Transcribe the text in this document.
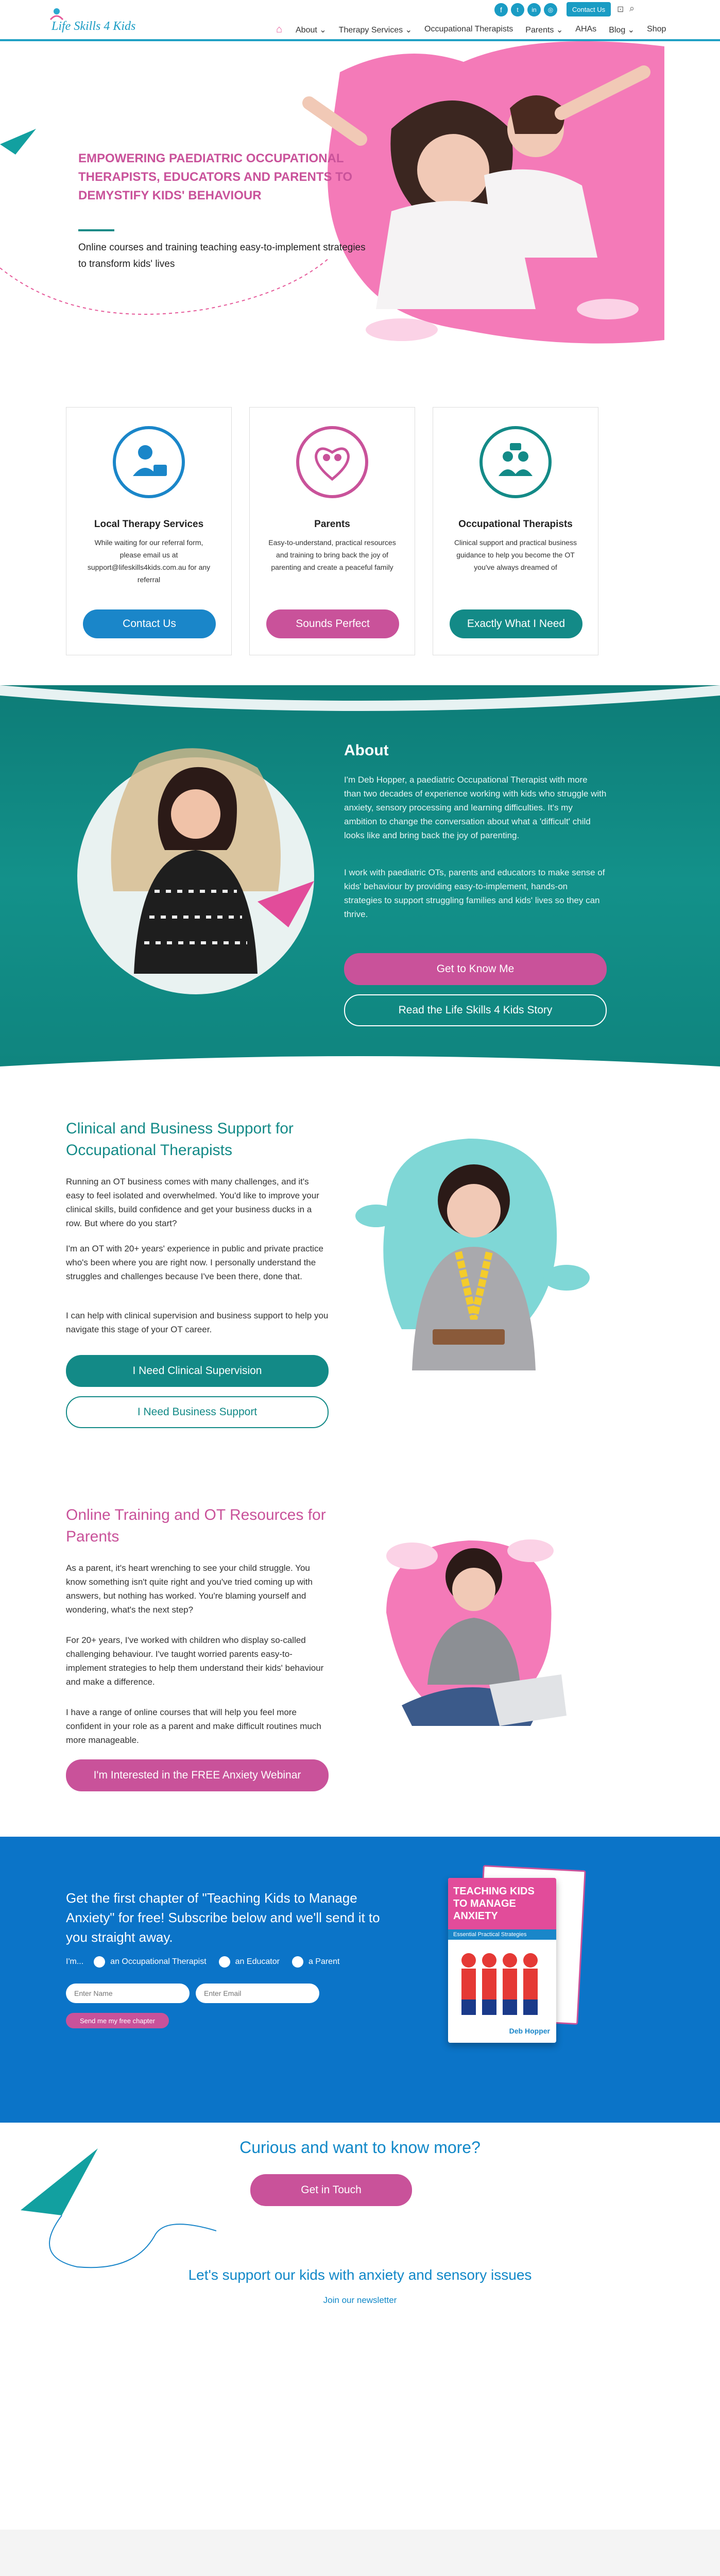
Life Skills 4 Kids
f	t	in	◎	Contact Us	⊡ ⌕
⌂ About ⌄ Therapy Services ⌄ Occupational Therapists Parents ⌄ AHAs Blog ⌄ Shop
EMPOWERING PAEDIATRIC OCCUPATIONAL THERAPISTS, EDUCATORS AND PARENTS TO DEMYSTIFY KIDS' BEHAVIOUR
Online courses and training teaching easy-to-implement strategies to transform kids' lives
Local Therapy Services

While waiting for our referral form, please email us at support@lifeskills4kids.com.au for any referral

Contact Us
Parents

Easy-to-understand, practical resources and training to bring back the joy of parenting and create a peaceful family

Sounds Perfect
Occupational Therapists

Clinical support and practical business guidance to help you become the OT you've always dreamed of

Exactly What I Need
About
I'm Deb Hopper, a paediatric Occupational Therapist with more than two decades of experience working with kids who struggle with anxiety, sensory processing and learning difficulties. It's my ambition to change the conversation about what a 'difficult' child looks like and bring back the joy of parenting.
I work with paediatric OTs, parents and educators to make sense of kids' behaviour by providing easy-to-implement, hands-on strategies to support struggling families and kids' lives so they can thrive.
Get to Know Me
Read the Life Skills 4 Kids Story
Clinical and Business Support for Occupational Therapists
Running an OT business comes with many challenges, and it's easy to feel isolated and overwhelmed. You'd like to improve your clinical skills, build confidence and get your business ducks in a row. But where do you start?
I'm an OT with 20+ years' experience in public and private practice who's been where you are right now. I personally understand the struggles and challenges because I've been there, done that.
I can help with clinical supervision and business support to help you navigate this stage of your OT career.
I Need Clinical Supervision
I Need Business Support
Online Training and OT Resources for Parents
As a parent, it's heart wrenching to see your child struggle. You know something isn't quite right and you've tried coming up with answers, but nothing has worked. You're blaming yourself and wondering, what's the next step?
For 20+ years, I've worked with children who display so-called challenging behaviour. I've taught worried parents easy-to-implement strategies to help them understand their kids' behaviour and make a difference.
I have a range of online courses that will help you feel more confident in your role as a parent and make difficult routines much more manageable.
I'm Interested in the FREE Anxiety Webinar
Get the first chapter of "Teaching Kids to Manage Anxiety" for free! Subscribe below and we'll send it to you straight away.
I'm...	an Occupational Therapist	an Educator	a Parent
Enter Name
Enter Email
Send me my free chapter
TEACHING KIDS TO MANAGE ANXIETY
Essential Practical Strategies
Deb Hopper
Curious and want to know more?
Get in Touch
Let's support our kids with anxiety and sensory issues
Join our newsletter
